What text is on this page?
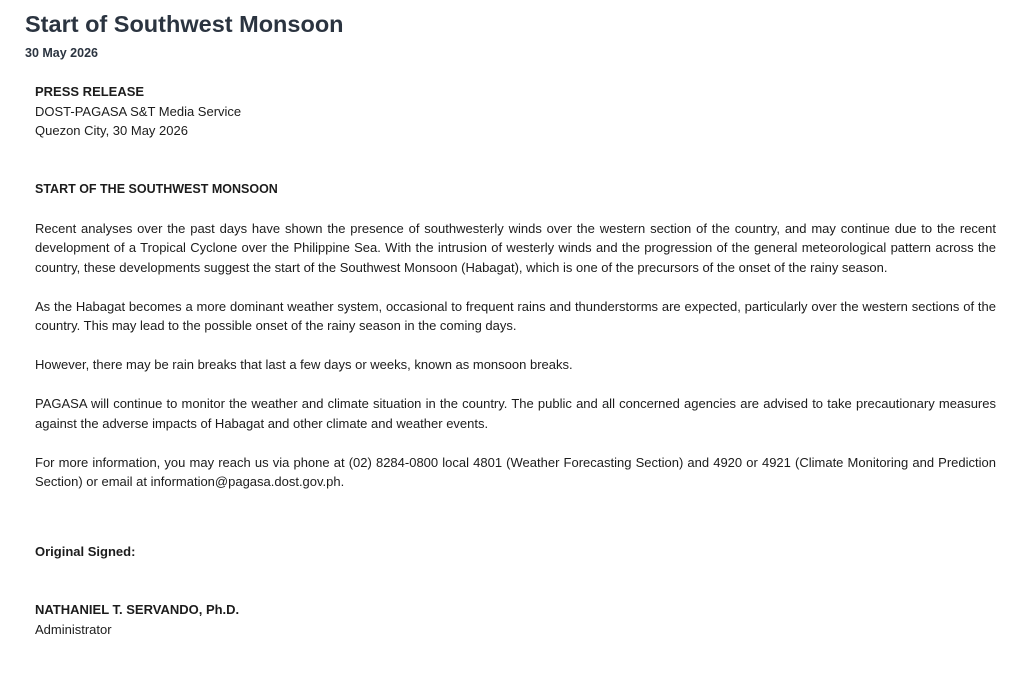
Start of Southwest Monsoon
30 May 2026
PRESS RELEASE
DOST-PAGASA S&T Media Service
Quezon City, 30 May 2026
START OF THE SOUTHWEST MONSOON

Recent analyses over the past days have shown the presence of southwesterly winds over the western section of the country, and may continue due to the recent development of a Tropical Cyclone over the Philippine Sea. With the intrusion of westerly winds and the progression of the general meteorological pattern across the country, these developments suggest the start of the Southwest Monsoon (Habagat), which is one of the precursors of the onset of the rainy season.

As the Habagat becomes a more dominant weather system, occasional to frequent rains and thunderstorms are expected, particularly over the western sections of the country. This may lead to the possible onset of the rainy season in the coming days.

However, there may be rain breaks that last a few days or weeks, known as monsoon breaks.

PAGASA will continue to monitor the weather and climate situation in the country. The public and all concerned agencies are advised to take precautionary measures against the adverse impacts of Habagat and other climate and weather events.

For more information, you may reach us via phone at (02) 8284-0800 local 4801 (Weather Forecasting Section) and 4920 or 4921 (Climate Monitoring and Prediction Section) or email at information@pagasa.dost.gov.ph.

Original Signed:
NATHANIEL T. SERVANDO, Ph.D.
Administrator
